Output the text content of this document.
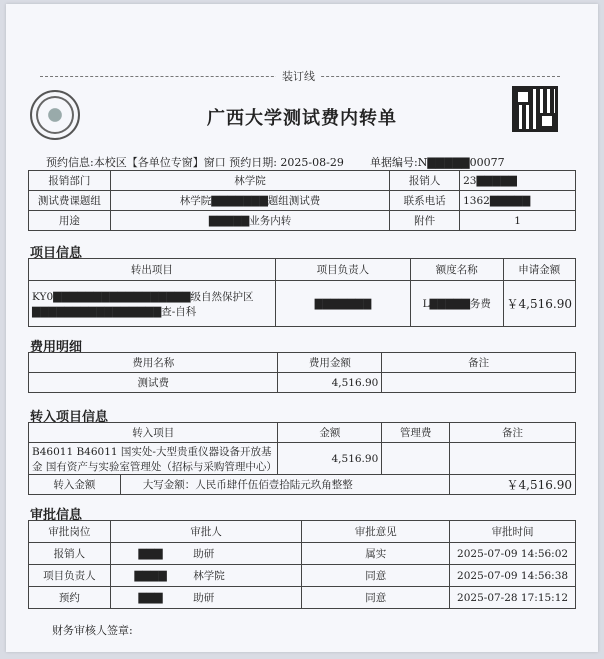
装订线
广西大学测试费内转单
预约信息:本校区【各单位专窗】窗口 预约日期: 2025-08-29 单据编号:N▇▇▇▇▇00077
报销部门	林学院	报销人	23▇▇▇▇▇
测试费课题组	林学院▇▇▇▇▇▇▇题组测试费	联系电话	1362▇▇▇▇▇
用途	▇▇▇▇▇业务内转	附件	1
项目信息
转出项目	项目负责人	额度名称	申请金额
KY0▇▇▇▇▇▇▇▇▇▇▇▇▇▇▇▇▇级自然保护区▇▇▇▇▇▇▇▇▇▇▇▇▇▇▇▇查-自科	▇▇▇▇▇▇▇	L▇▇▇▇▇务费	￥4,516.90
费用明细
费用名称	费用金额	备注
测试费	4,516.90	
转入项目信息
转入项目		金额	管理费	备注
B46011 B46011 国实处-大型贵重仪器设备开放基金 国有资产与实验室管理处（招标与采购管理中心）		4,516.90		
转入金额	大写金额：人民币肆仟伍佰壹拾陆元玖角整整			￥4,516.90
审批信息
审批岗位	审批人		审批意见	审批时间
报销人	▇▇▇	助研	属实	2025-07-09 14:56:02
项目负责人	▇▇▇▇	林学院	同意	2025-07-09 14:56:38
预约	▇▇▇	助研	同意	2025-07-28 17:15:12
财务审核人签章:
